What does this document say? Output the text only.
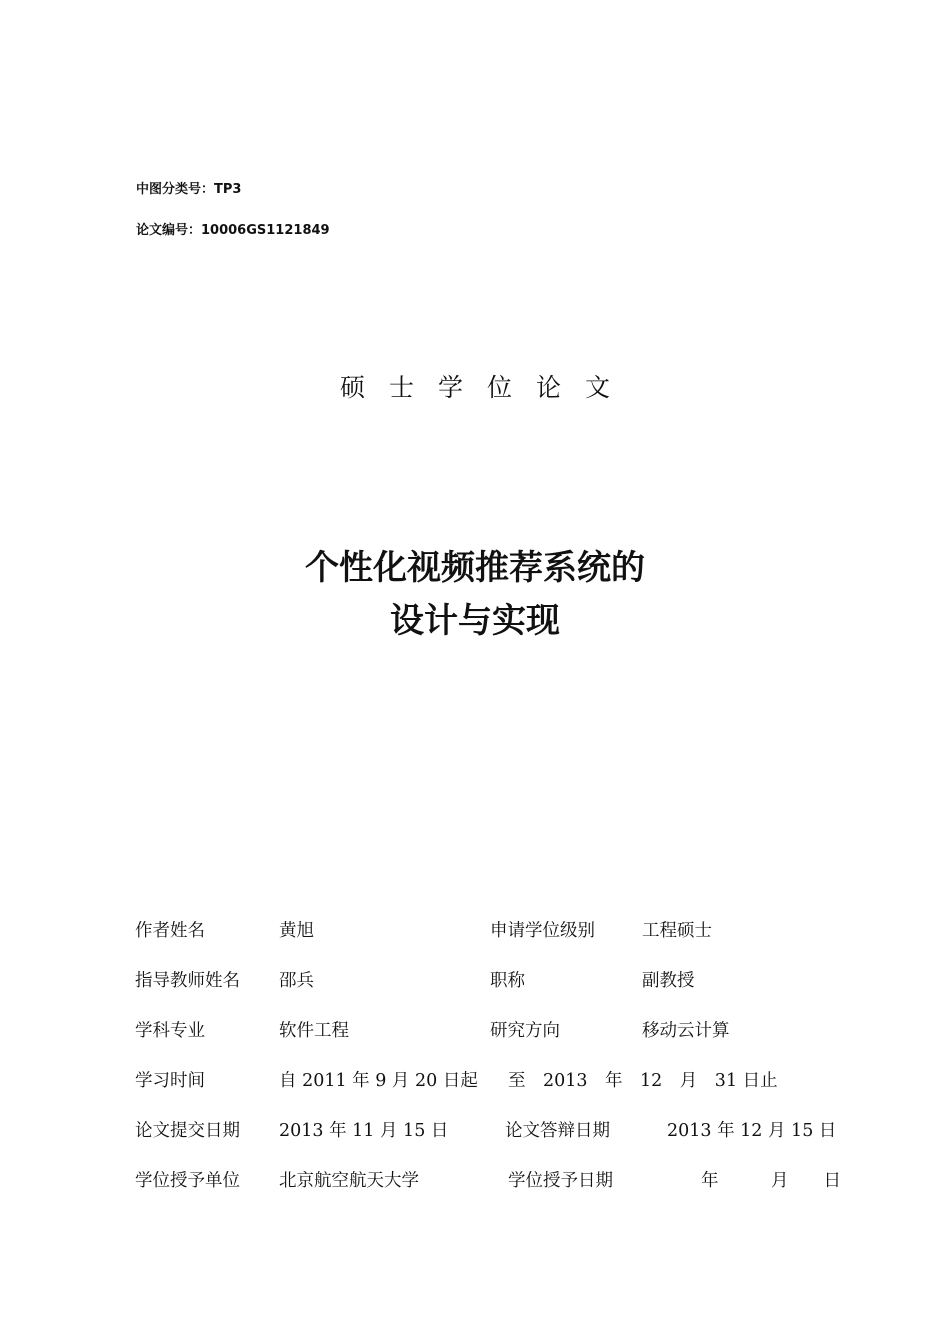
中图分类号：TP3
论文编号：10006GS1121849
硕士学位论文
个性化视频推荐系统的
设计与实现
作者姓名	黄旭	申请学位级别	工程硕士
指导教师姓名 邵兵	职称	副教授
学科专业	软件工程	研究方向	移动云计算
学习时间	自 2011 年 9 月 20 日起 至　2013　年　12　月　31 日止
论文提交日期 2013 年 11 月 15 日	论文答辩日期	2013 年 12 月 15 日
学位授予单位 北京航空航天大学	学位授予日期	年　　　月　　日
